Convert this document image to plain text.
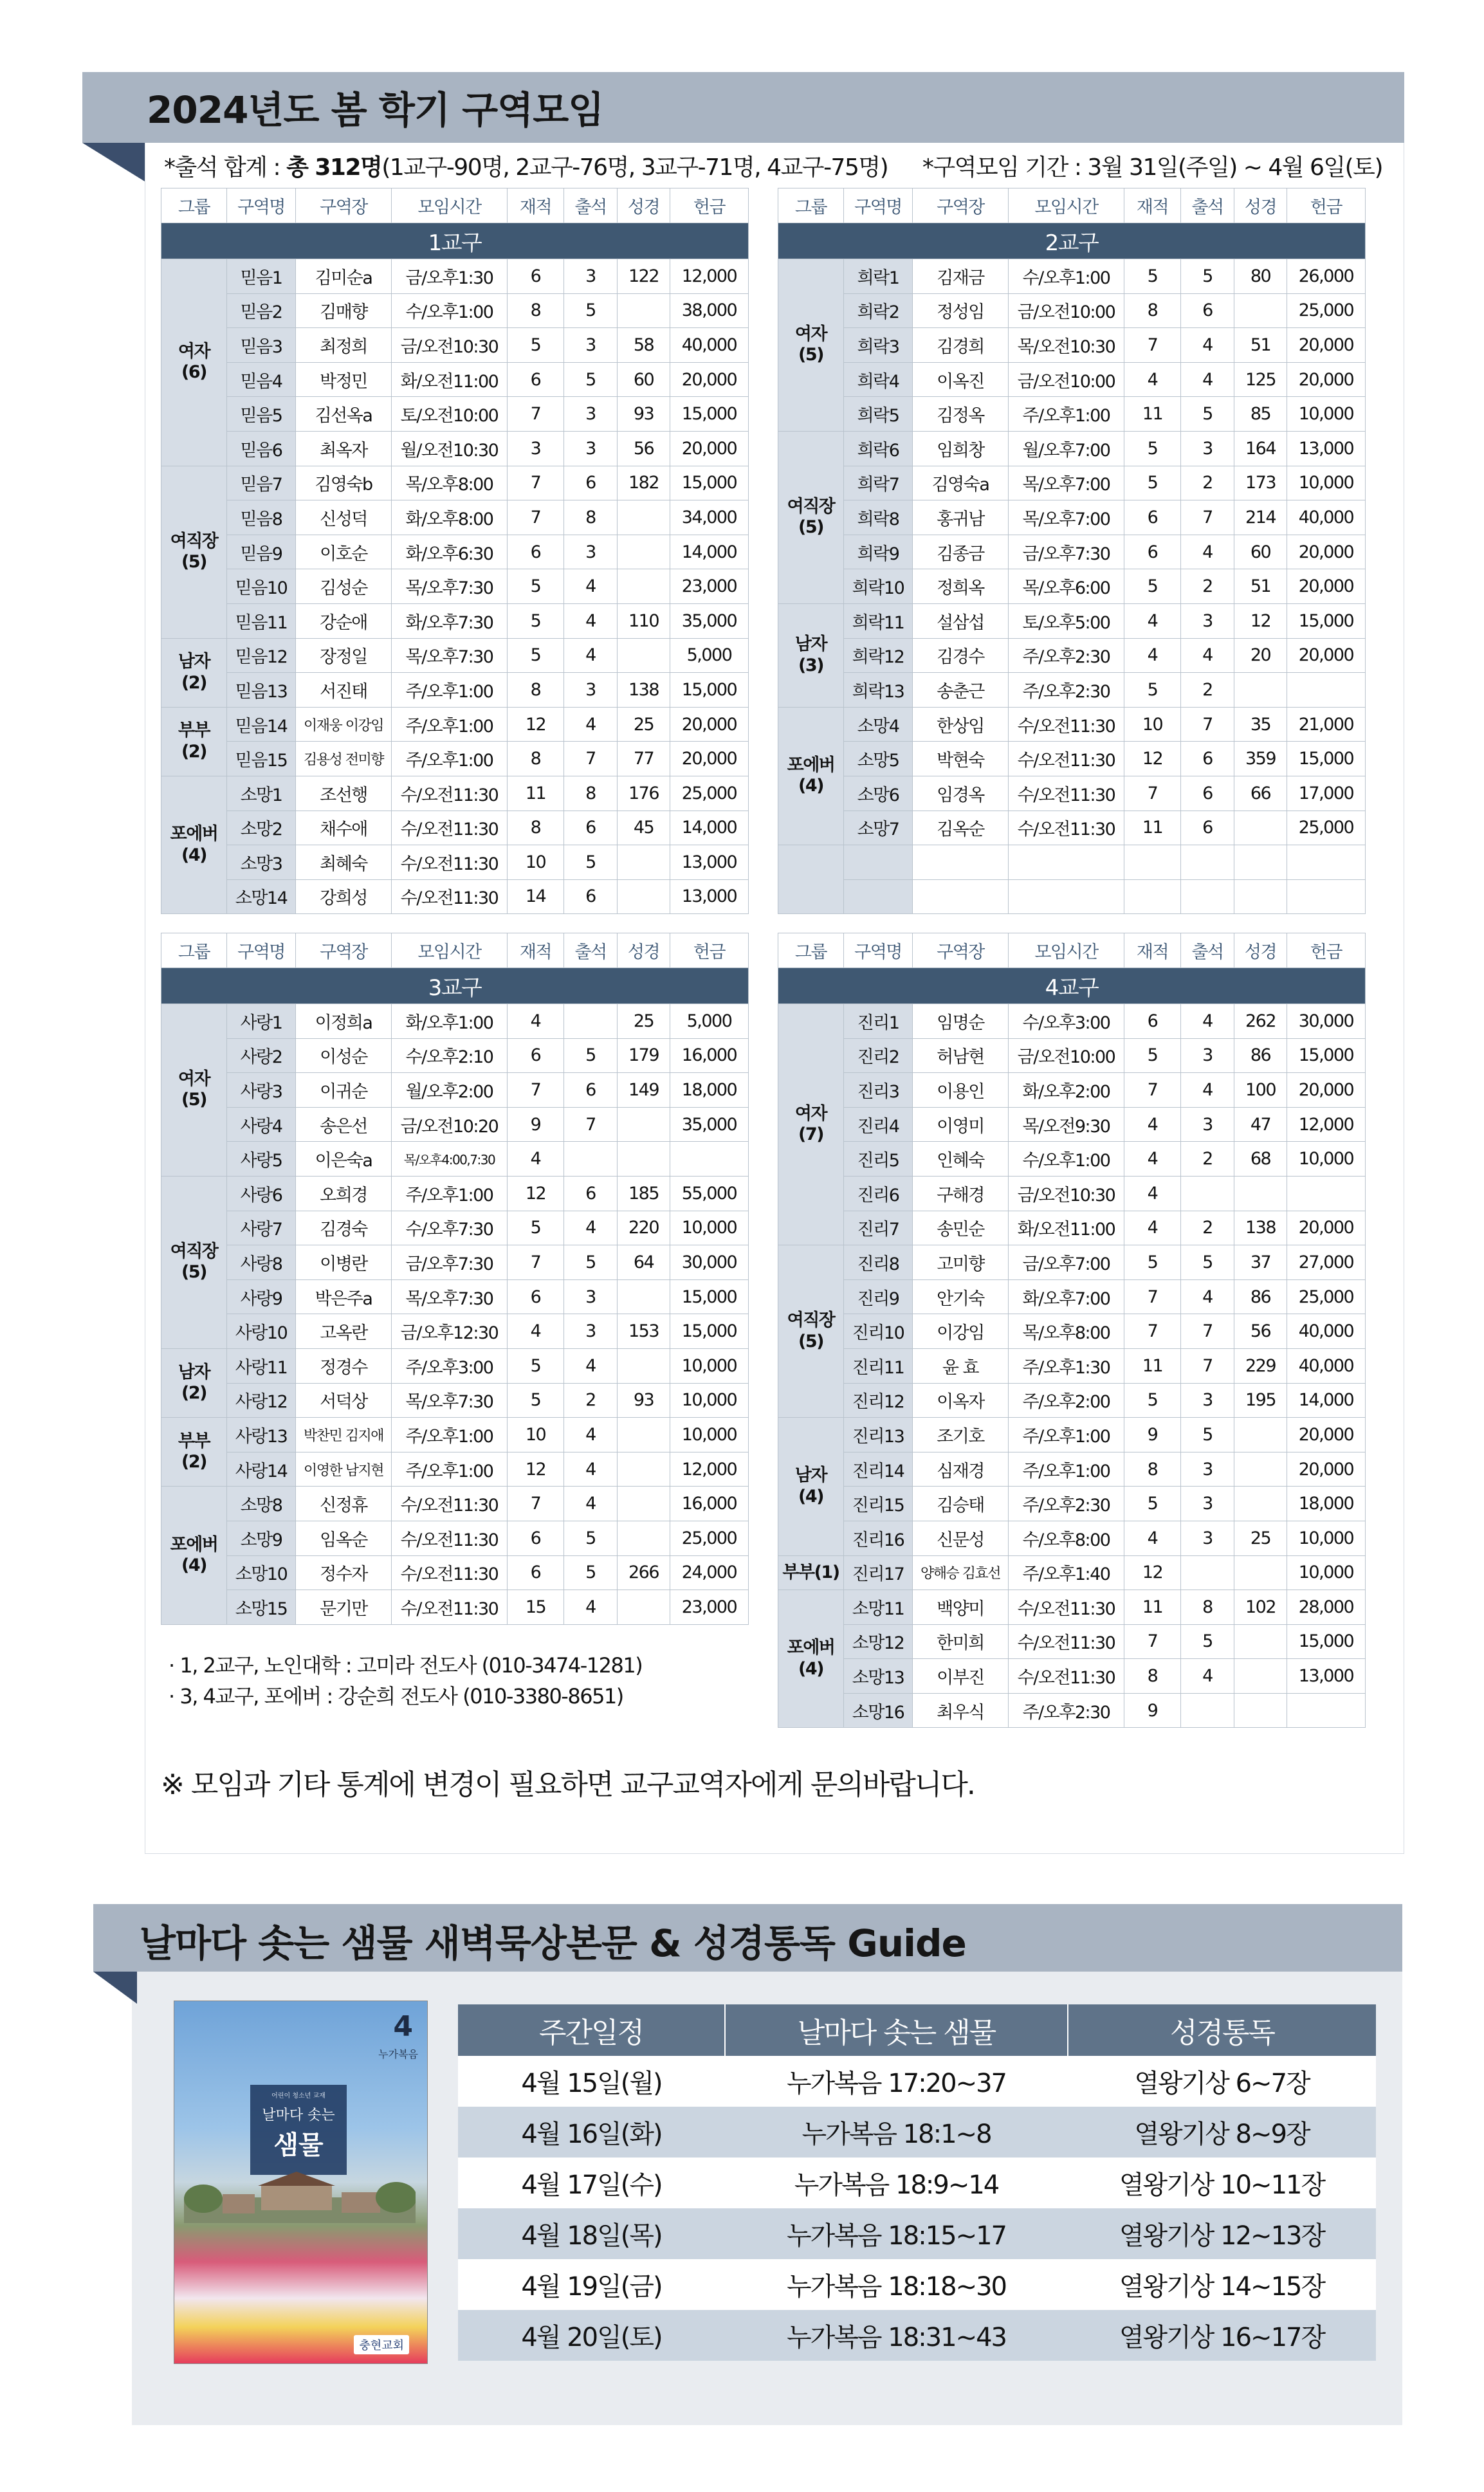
2024년도 봄 학기 구역모임
*출석 합계 : 총 312명(1교구-90명, 2교구-76명, 3교구-71명, 4교구-75명) *구역모임 기간 : 3월 31일(주일) ~ 4월 6일(토)
그룹	구역명	구역장	모임시간	재적	출석	성경	헌금
1교구							
여자
(6)	믿음1	김미순a	금/오후1:30	6	3	122	12,000
	믿음2	김매향	수/오후1:00	8	5		38,000
	믿음3	최정희	금/오전10:30	5	3	58	40,000
	믿음4	박정민	화/오전11:00	6	5	60	20,000
	믿음5	김선옥a	토/오전10:00	7	3	93	15,000
	믿음6	최옥자	월/오전10:30	3	3	56	20,000
여직장
(5)	믿음7	김영숙b	목/오후8:00	7	6	182	15,000
	믿음8	신성덕	화/오후8:00	7	8		34,000
	믿음9	이호순	화/오후6:30	6	3		14,000
	믿음10	김성순	목/오후7:30	5	4		23,000
	믿음11	강순애	화/오후7:30	5	4	110	35,000
남자
(2)	믿음12	장정일	목/오후7:30	5	4		5,000
	믿음13	서진태	주/오후1:00	8	3	138	15,000
부부
(2)	믿음14	이재웅 이강임	주/오후1:00	12	4	25	20,000
	믿음15	김용성 전미향	주/오후1:00	8	7	77	20,000
포에버
(4)	소망1	조선행	수/오전11:30	11	8	176	25,000
	소망2	채수애	수/오전11:30	8	6	45	14,000
	소망3	최혜숙	수/오전11:30	10	5		13,000
	소망14	강희성	수/오전11:30	14	6		13,000
그룹	구역명	구역장	모임시간	재적	출석	성경	헌금
2교구							
여자
(5)	희락1	김재금	수/오후1:00	5	5	80	26,000
	희락2	정성임	금/오전10:00	8	6		25,000
	희락3	김경희	목/오전10:30	7	4	51	20,000
	희락4	이옥진	금/오전10:00	4	4	125	20,000
	희락5	김정옥	주/오후1:00	11	5	85	10,000
여직장
(5)	희락6	임희창	월/오후7:00	5	3	164	13,000
	희락7	김영숙a	목/오후7:00	5	2	173	10,000
	희락8	홍귀남	목/오후7:00	6	7	214	40,000
	희락9	김종금	금/오후7:30	6	4	60	20,000
	희락10	정희옥	목/오후6:00	5	2	51	20,000
남자
(3)	희락11	설삼섭	토/오후5:00	4	3	12	15,000
	희락12	김경수	주/오후2:30	4	4	20	20,000
	희락13	송춘근	주/오후2:30	5	2		
포에버
(4)	소망4	한상임	수/오전11:30	10	7	35	21,000
	소망5	박현숙	수/오전11:30	12	6	359	15,000
	소망6	임경옥	수/오전11:30	7	6	66	17,000
	소망7	김옥순	수/오전11:30	11	6		25,000

그룹	구역명	구역장	모임시간	재적	출석	성경	헌금
3교구							
여자
(5)	사랑1	이정희a	화/오후1:00	4		25	5,000
	사랑2	이성순	수/오후2:10	6	5	179	16,000
	사랑3	이귀순	월/오후2:00	7	6	149	18,000
	사랑4	송은선	금/오전10:20	9	7		35,000
	사랑5	이은숙a	목/오후4:00,7:30	4			
여직장
(5)	사랑6	오희경	주/오후1:00	12	6	185	55,000
	사랑7	김경숙	수/오후7:30	5	4	220	10,000
	사랑8	이병란	금/오후7:30	7	5	64	30,000
	사랑9	박은주a	목/오후7:30	6	3		15,000
	사랑10	고옥란	금/오후12:30	4	3	153	15,000
남자
(2)	사랑11	정경수	주/오후3:00	5	4		10,000
	사랑12	서덕상	목/오후7:30	5	2	93	10,000
부부
(2)	사랑13	박찬민 김지애	주/오후1:00	10	4		10,000
	사랑14	이영한 남지현	주/오후1:00	12	4		12,000
포에버
(4)	소망8	신정휴	수/오전11:30	7	4		16,000
	소망9	임옥순	수/오전11:30	6	5		25,000
	소망10	정수자	수/오전11:30	6	5	266	24,000
	소망15	문기만	수/오전11:30	15	4		23,000
그룹	구역명	구역장	모임시간	재적	출석	성경	헌금
4교구							
여자
(7)	진리1	임명순	수/오후3:00	6	4	262	30,000
	진리2	허남현	금/오전10:00	5	3	86	15,000
	진리3	이용인	화/오후2:00	7	4	100	20,000
	진리4	이영미	목/오전9:30	4	3	47	12,000
	진리5	인혜숙	수/오후1:00	4	2	68	10,000
	진리6	구해경	금/오전10:30	4			
	진리7	송민순	화/오전11:00	4	2	138	20,000
여직장
(5)	진리8	고미향	금/오후7:00	5	5	37	27,000
	진리9	안기숙	화/오후7:00	7	4	86	25,000
	진리10	이강임	목/오후8:00	7	7	56	40,000
	진리11	윤 효	주/오후1:30	11	7	229	40,000
	진리12	이옥자	주/오후2:00	5	3	195	14,000
남자
(4)	진리13	조기호	주/오후1:00	9	5		20,000
	진리14	심재경	주/오후1:00	8	3		20,000
	진리15	김승태	주/오후2:30	5	3		18,000
	진리16	신문성	수/오후8:00	4	3	25	10,000
부부(1)	진리17	양해승 김효선	주/오후1:40	12			10,000
포에버
(4)	소망11	백양미	수/오전11:30	11	8	102	28,000
	소망12	한미희	수/오전11:30	7	5		15,000
	소망13	이부진	수/오전11:30	8	4		13,000
	소망16	최우식	주/오후2:30	9			
· 1, 2교구, 노인대학 : 고미라 전도사 (010-3474-1281)
· 3, 4교구, 포에버 : 강순희 전도사 (010-3380-8651)
※ 모임과 기타 통계에 변경이 필요하면 교구교역자에게 문의바랍니다.
날마다 솟는 샘물 새벽묵상본문 & 성경통독 Guide
4
누가복음
어린이 청소년 교재
날마다 솟는
샘물
충현교회
주간일정	날마다 솟는 샘물	성경통독
4월 15일(월)	누가복음 17:20~37	열왕기상 6~7장
4월 16일(화)	누가복음 18:1~8	열왕기상 8~9장
4월 17일(수)	누가복음 18:9~14	열왕기상 10~11장
4월 18일(목)	누가복음 18:15~17	열왕기상 12~13장
4월 19일(금)	누가복음 18:18~30	열왕기상 14~15장
4월 20일(토)	누가복음 18:31~43	열왕기상 16~17장
